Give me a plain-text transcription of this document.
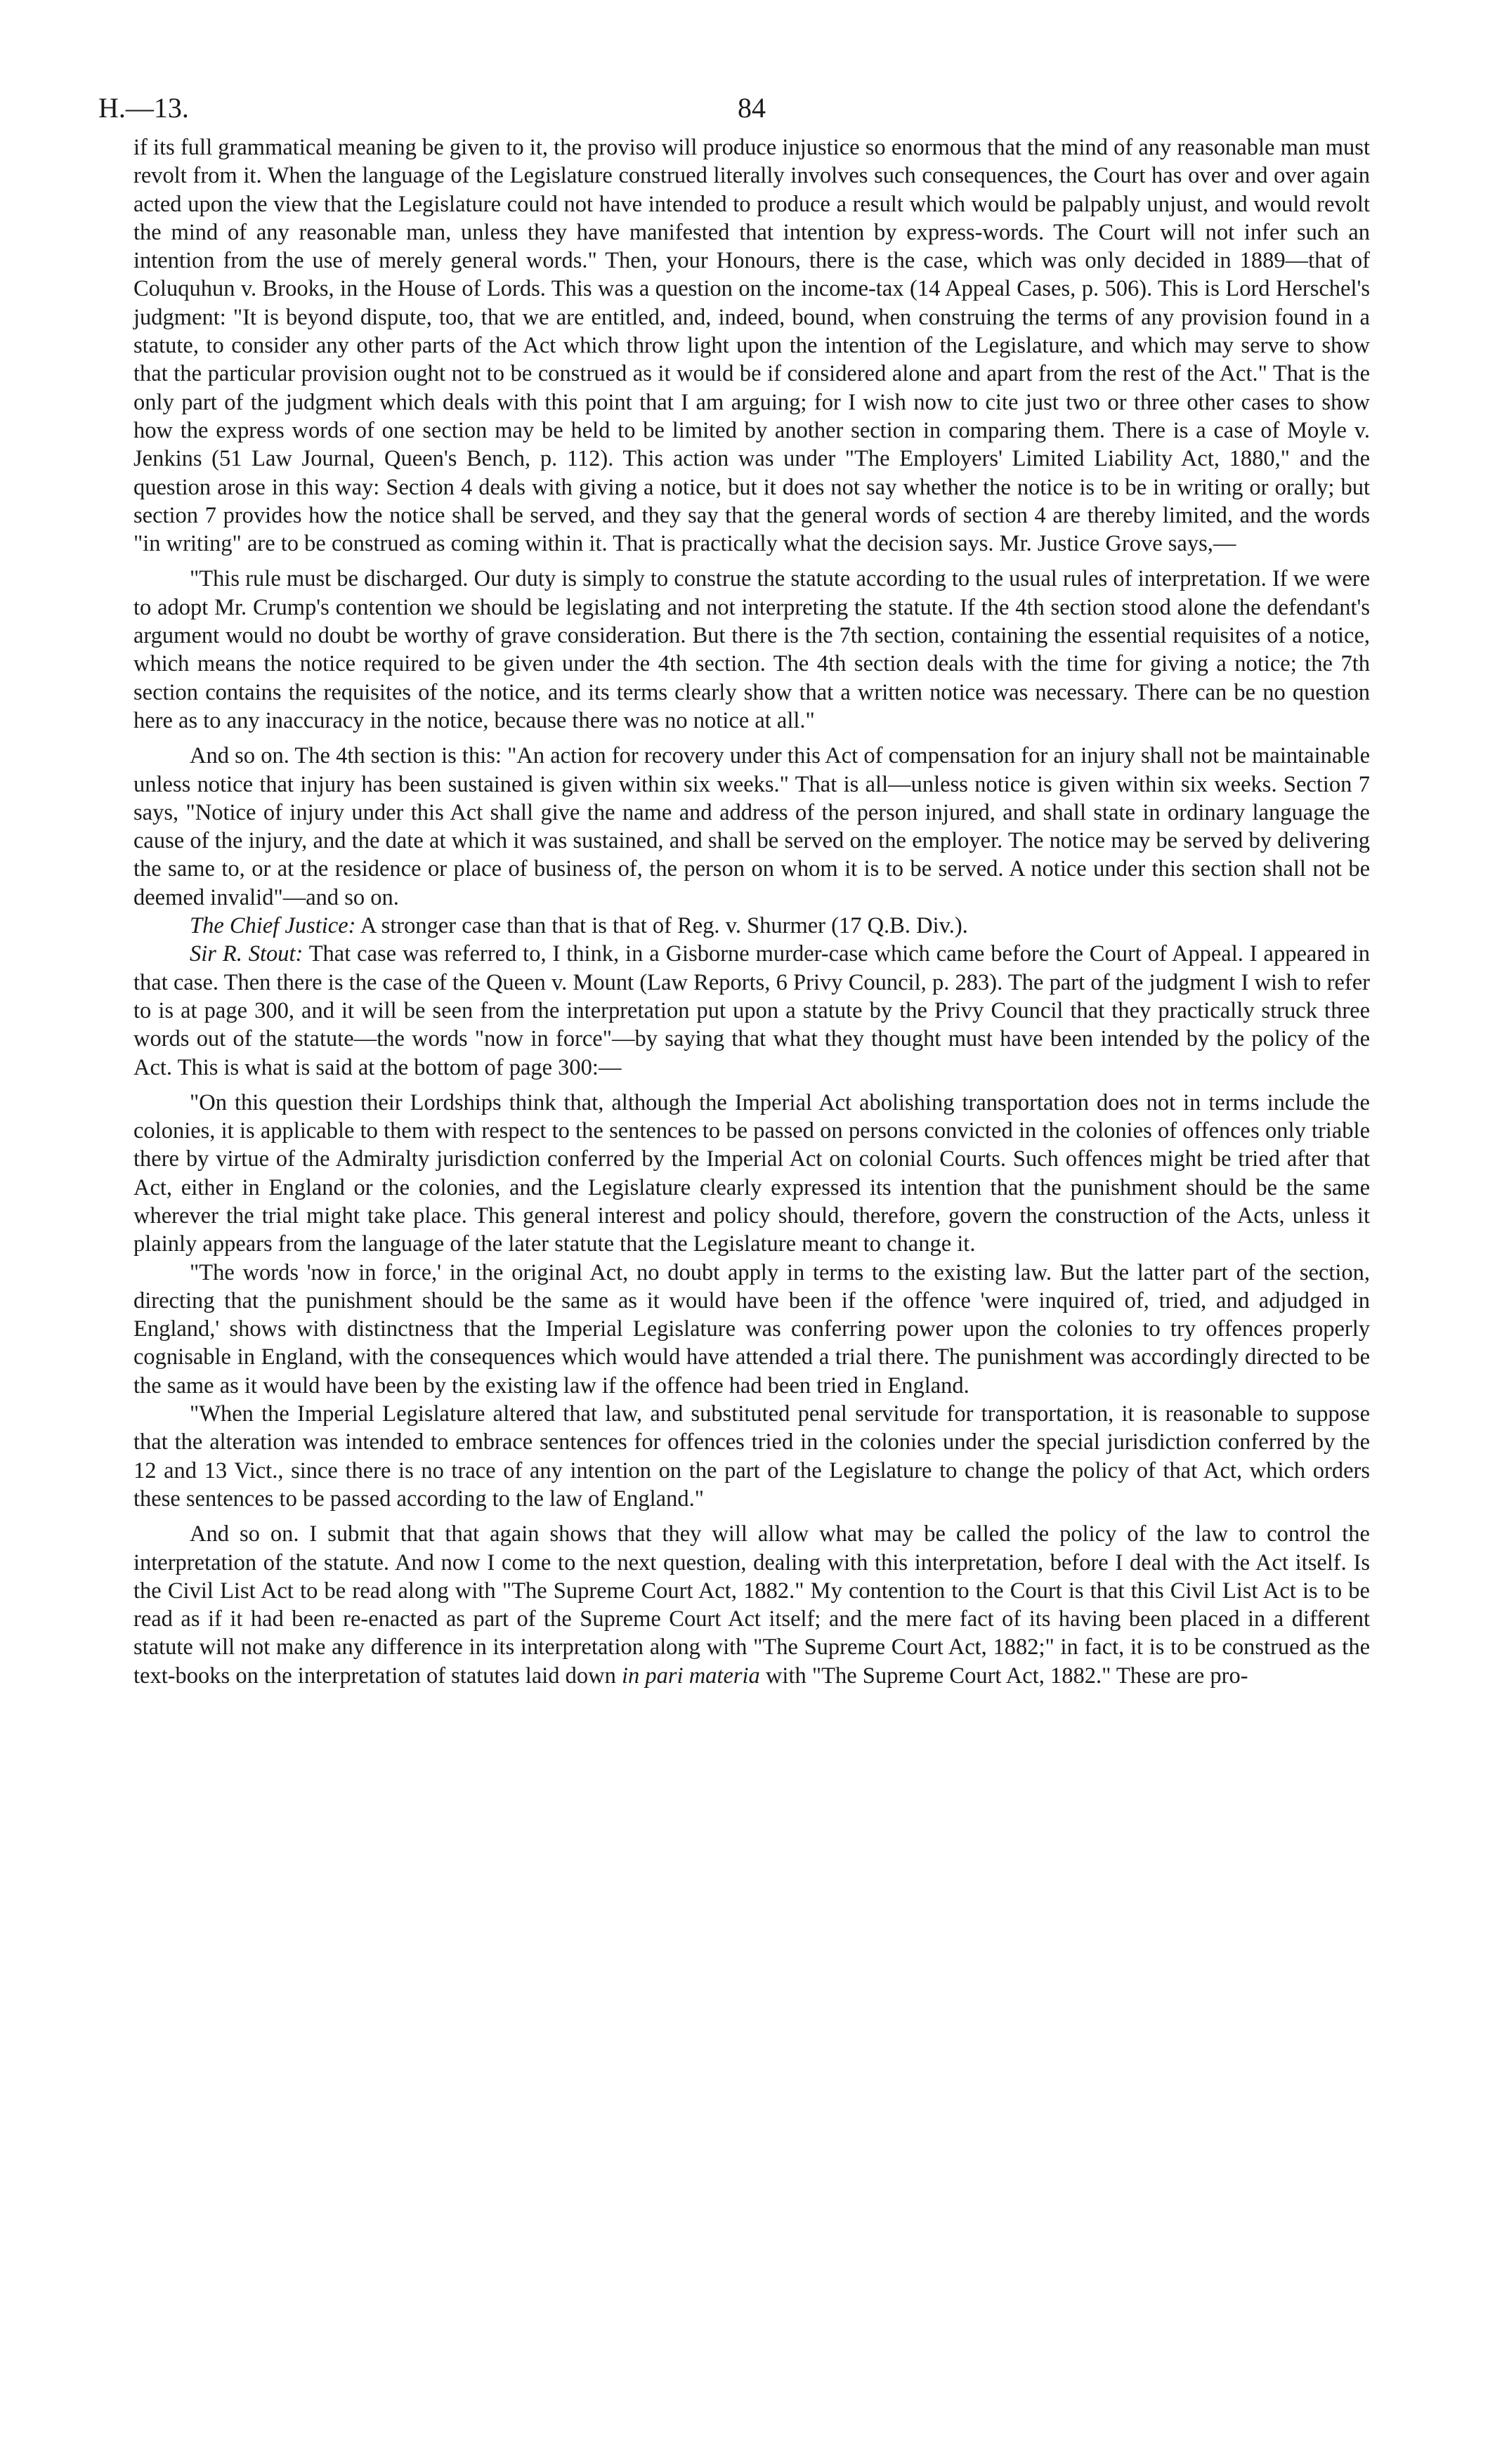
H.—13.	84

if its full grammatical meaning be given to it, the proviso will produce injustice so enormous that the mind of any reasonable man must revolt from it. When the language of the Legislature construed literally involves such consequences, the Court has over and over again acted upon the view that the Legislature could not have intended to produce a result which would be palpably unjust, and would revolt the mind of any reasonable man, unless they have manifested that intention by express-words. The Court will not infer such an intention from the use of merely general words." Then, your Honours, there is the case, which was only decided in 1889—that of Coluquhun v. Brooks, in the House of Lords. This was a question on the income-tax (14 Appeal Cases, p. 506). This is Lord Herschel's judgment: "It is beyond dispute, too, that we are entitled, and, indeed, bound, when construing the terms of any provision found in a statute, to consider any other parts of the Act which throw light upon the intention of the Legislature, and which may serve to show that the particular provision ought not to be construed as it would be if considered alone and apart from the rest of the Act." That is the only part of the judgment which deals with this point that I am arguing; for I wish now to cite just two or three other cases to show how the express words of one section may be held to be limited by another section in comparing them. There is a case of Moyle v. Jenkins (51 Law Journal, Queen's Bench, p. 112). This action was under "The Employers' Limited Liability Act, 1880," and the question arose in this way: Section 4 deals with giving a notice, but it does not say whether the notice is to be in writing or orally; but section 7 provides how the notice shall be served, and they say that the general words of section 4 are thereby limited, and the words "in writing" are to be construed as coming within it. That is practically what the decision says. Mr. Justice Grove says,—

"This rule must be discharged. Our duty is simply to construe the statute according to the usual rules of interpretation. If we were to adopt Mr. Crump's contention we should be legislating and not interpreting the statute. If the 4th section stood alone the defendant's argument would no doubt be worthy of grave consideration. But there is the 7th section, containing the essential requisites of a notice, which means the notice required to be given under the 4th section. The 4th section deals with the time for giving a notice; the 7th section contains the requisites of the notice, and its terms clearly show that a written notice was necessary. There can be no question here as to any inaccuracy in the notice, because there was no notice at all."

And so on. The 4th section is this: "An action for recovery under this Act of compensation for an injury shall not be maintainable unless notice that injury has been sustained is given within six weeks." That is all—unless notice is given within six weeks. Section 7 says, "Notice of injury under this Act shall give the name and address of the person injured, and shall state in ordinary language the cause of the injury, and the date at which it was sustained, and shall be served on the employer. The notice may be served by delivering the same to, or at the residence or place of business of, the person on whom it is to be served. A notice under this section shall not be deemed invalid"—and so on.

The Chief Justice: A stronger case than that is that of Reg. v. Shurmer (17 Q.B. Div.).

Sir R. Stout: That case was referred to, I think, in a Gisborne murder-case which came before the Court of Appeal. I appeared in that case. Then there is the case of the Queen v. Mount (Law Reports, 6 Privy Council, p. 283). The part of the judgment I wish to refer to is at page 300, and it will be seen from the interpretation put upon a statute by the Privy Council that they practically struck three words out of the statute—the words "now in force"—by saying that what they thought must have been intended by the policy of the Act. This is what is said at the bottom of page 300:—

"On this question their Lordships think that, although the Imperial Act abolishing transportation does not in terms include the colonies, it is applicable to them with respect to the sentences to be passed on persons convicted in the colonies of offences only triable there by virtue of the Admiralty jurisdiction conferred by the Imperial Act on colonial Courts. Such offences might be tried after that Act, either in England or the colonies, and the Legislature clearly expressed its intention that the punishment should be the same wherever the trial might take place. This general interest and policy should, therefore, govern the construction of the Acts, unless it plainly appears from the language of the later statute that the Legislature meant to change it.

"The words 'now in force,' in the original Act, no doubt apply in terms to the existing law. But the latter part of the section, directing that the punishment should be the same as it would have been if the offence 'were inquired of, tried, and adjudged in England,' shows with distinctness that the Imperial Legislature was conferring power upon the colonies to try offences properly cognisable in England, with the consequences which would have attended a trial there. The punishment was accordingly directed to be the same as it would have been by the existing law if the offence had been tried in England.

"When the Imperial Legislature altered that law, and substituted penal servitude for transportation, it is reasonable to suppose that the alteration was intended to embrace sentences for offences tried in the colonies under the special jurisdiction conferred by the 12 and 13 Vict., since there is no trace of any intention on the part of the Legislature to change the policy of that Act, which orders these sentences to be passed according to the law of England."

And so on. I submit that that again shows that they will allow what may be called the policy of the law to control the interpretation of the statute. And now I come to the next question, dealing with this interpretation, before I deal with the Act itself. Is the Civil List Act to be read along with "The Supreme Court Act, 1882." My contention to the Court is that this Civil List Act is to be read as if it had been re-enacted as part of the Supreme Court Act itself; and the mere fact of its having been placed in a different statute will not make any difference in its interpretation along with "The Supreme Court Act, 1882;" in fact, it is to be construed as the text-books on the interpretation of statutes laid down in pari materia with "The Supreme Court Act, 1882." These are pro-
